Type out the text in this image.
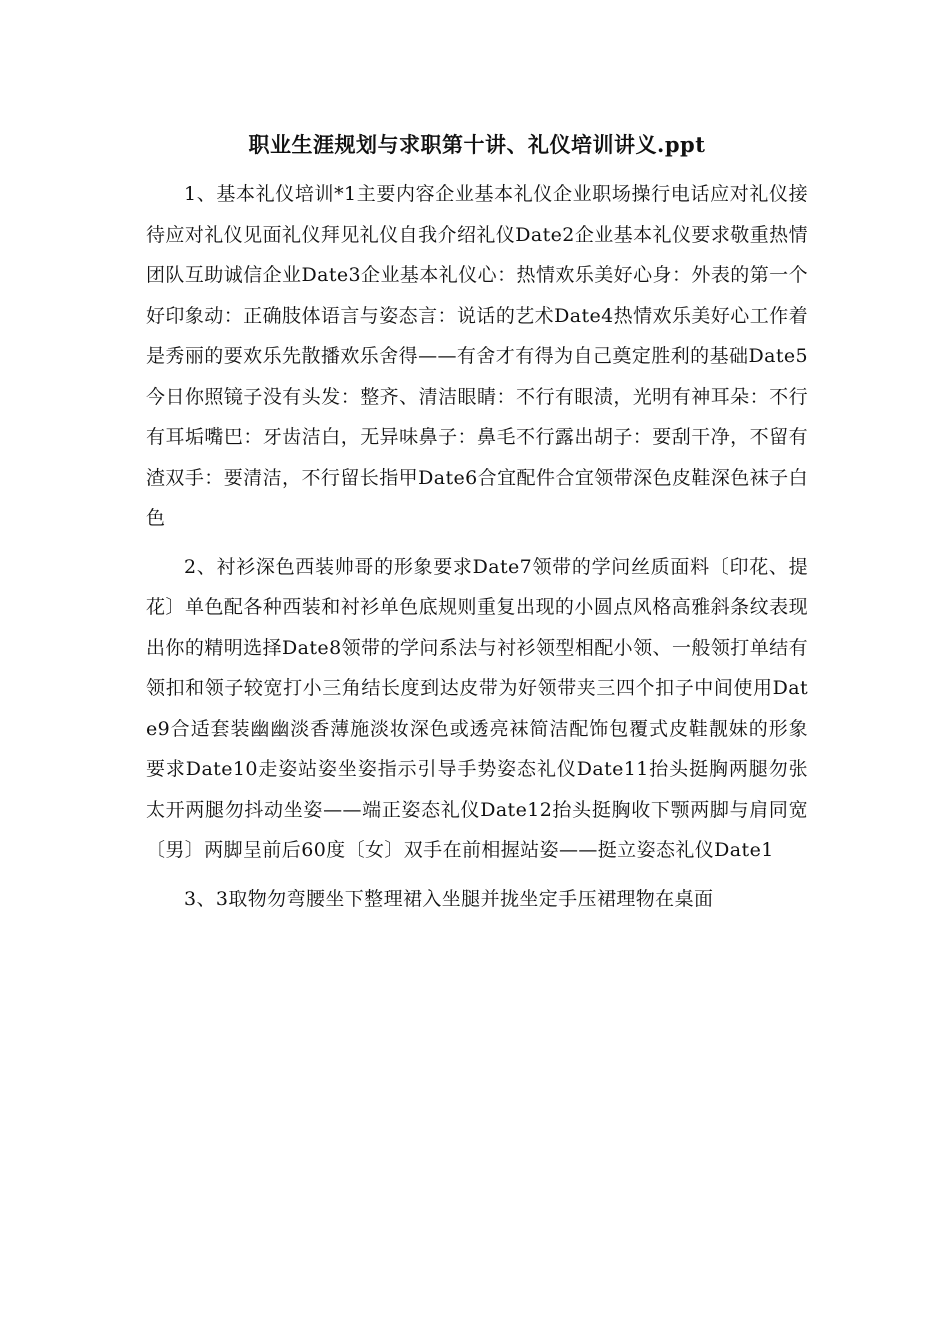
职业生涯规划与求职第十讲、礼仪培训讲义.ppt

1、基本礼仪培训*1主要内容企业基本礼仪企业职场操行电话应对礼仪接待应对礼仪见面礼仪拜见礼仪自我介绍礼仪Date2企业基本礼仪要求敬重热情团队互助诚信企业Date3企业基本礼仪心：热情欢乐美好心身：外表的第一个好印象动：正确肢体语言与姿态言：说话的艺术Date4热情欢乐美好心工作着是秀丽的要欢乐先散播欢乐舍得——有舍才有得为自己奠定胜利的基础Date5今日你照镜子没有头发：整齐、清洁眼睛：不行有眼渍，光明有神耳朵：不行有耳垢嘴巴：牙齿洁白，无异味鼻子：鼻毛不行露出胡子：要刮干净，不留有渣双手：要清洁，不行留长指甲Date6合宜配件合宜领带深色皮鞋深色袜子白色

2、衬衫深色西装帅哥的形象要求Date7领带的学问丝质面料〔印花、提花〕单色配各种西装和衬衫单色底规则重复出现的小圆点风格高雅斜条纹表现出你的精明选择Date8领带的学问系法与衬衫领型相配小领、一般领打单结有领扣和领子较宽打小三角结长度到达皮带为好领带夹三四个扣子中间使用Date9合适套装幽幽淡香薄施淡妆深色或透亮袜简洁配饰包覆式皮鞋靓妹的形象要求Date10走姿站姿坐姿指示引导手势姿态礼仪Date11抬头挺胸两腿勿张太开两腿勿抖动坐姿——端正姿态礼仪Date12抬头挺胸收下颚两脚与肩同宽〔男〕两脚呈前后60度〔女〕双手在前相握站姿——挺立姿态礼仪Date1

3、3取物勿弯腰坐下整理裙入坐腿并拢坐定手压裙理物在桌面
